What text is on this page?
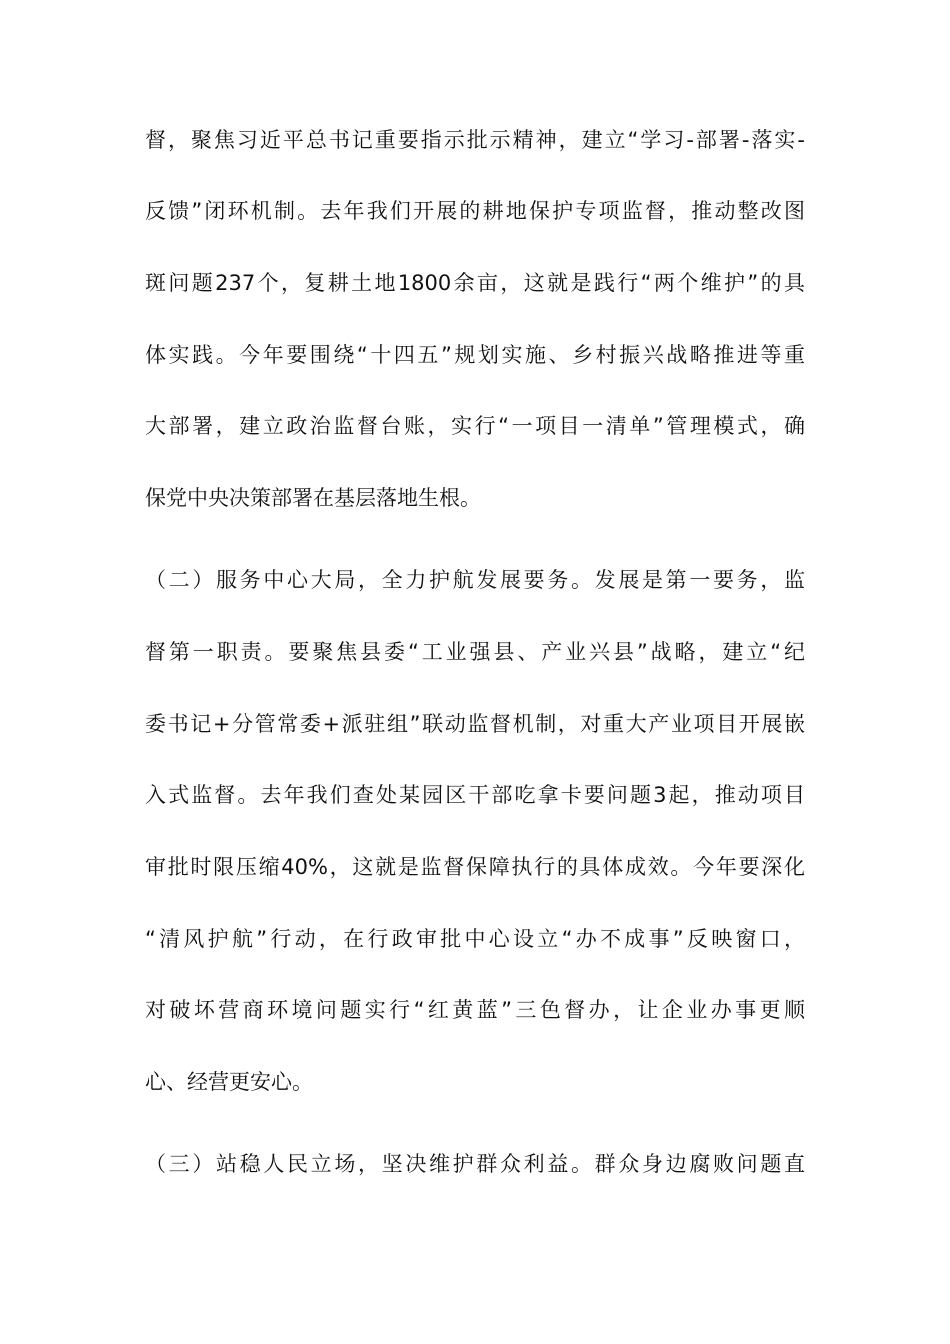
督，聚焦习近平总书记重要指示批示精神，建立“学习-部署-落实-
反馈”闭环机制。去年我们开展的耕地保护专项监督，推动整改图
斑问题237个，复耕土地1800余亩，这就是践行“两个维护”的具
体实践。今年要围绕“十四五”规划实施、乡村振兴战略推进等重
大部署，建立政治监督台账，实行“一项目一清单”管理模式，确
保党中央决策部署在基层落地生根。
（二）服务中心大局，全力护航发展要务。发展是第一要务，监
督第一职责。要聚焦县委“工业强县、产业兴县”战略，建立“纪
委书记+分管常委+派驻组”联动监督机制，对重大产业项目开展嵌
入式监督。去年我们查处某园区干部吃拿卡要问题3起，推动项目
审批时限压缩40%，这就是监督保障执行的具体成效。今年要深化
“清风护航”行动，在行政审批中心设立“办不成事”反映窗口，
对破坏营商环境问题实行“红黄蓝”三色督办，让企业办事更顺
心、经营更安心。
（三）站稳人民立场，坚决维护群众利益。群众身边腐败问题直
